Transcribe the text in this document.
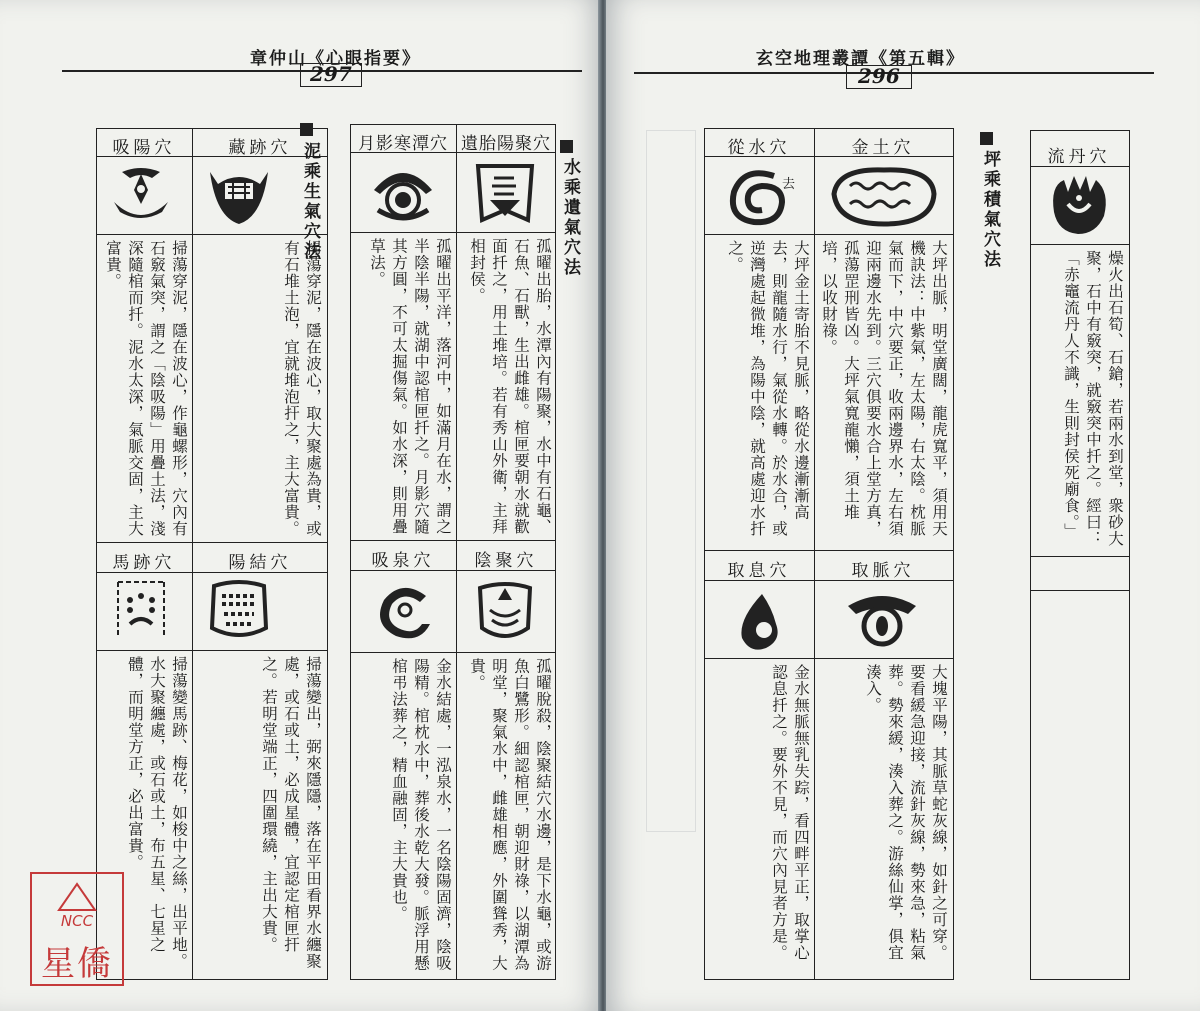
章仲山《心眼指要》
297
穴跡藏
穴陽吸
穴結陽
穴跡馬
掃蕩穿泥，隱在波心，取大聚處為貴，或有石堆土泡，宜就堆泡扞之，主大富貴。
掃蕩穿泥，隱在波心，作龜螺形，穴內有石竅氣突，謂之「陰吸陽」用疊土法，淺深隨棺而扦。泥水太深，氣脈交固，主大富貴。
掃蕩變出，弼來隱隱，落在平田看界水纏聚處，或石或土，必成星體，宜認定棺匣扞之。若明堂端正，四圍環繞，主出大貴。
掃蕩變馬跡、梅花，如梭中之絲，出平地。水大聚纏處，或石或土，布五星、七星之體，而明堂方正，必出富貴。
泥乘生氣穴法	穴聚陽胎遺
穴潭寒影月
穴聚陰
穴泉吸
孤曜出胎，水潭內有陽聚，水中有石龜、石魚、石獸，生出雌雄。棺匣要朝水就歡面扦之，用土堆培。若有秀山外衛，主拜相封侯。
孤曜出平洋，落河中，如滿月在水，謂之半陰半陽，就湖中認棺匣扦之。月影穴隨其方圓，不可太掘傷氣。如水深，則用疊草法。
孤曜脫殺，陰聚結穴水邊，是下水龜，或游魚白鷺形。細認棺匣，朝迎財祿，以湖潭為明堂，聚氣水中，雌雄相應，外圍聳秀，大貴。
金水結處，一泓泉水，一名陰陽固濟，陰吸陽精。棺枕水中，葬後水乾大發。脈浮用懸棺弔法葬之，精血融固，主大貴也。
水乘遺氣穴法
NCC
星僑
玄空地理叢譚《第五輯》
296
穴土金
穴水從
穴脈取
穴息取
去
大坪出脈，明堂廣闊，龍虎寬平，須用天機訣法：中紫氣，左太陽，右太陰。枕脈氣而下，中穴要正，收兩邊界水，左右須迎兩邊水先到。三穴俱要水合上堂方真，孤蕩罡刑皆凶。大坪氣寬龍懶，須土堆培，以收財祿。
大坪金土寄胎不見脈，略從水邊漸漸高去，則龍隨水行，氣從水轉。於水合，或逆灣處起微堆，為陽中陰，就高處迎水扦之。
大塊平陽，其脈草蛇灰線，如針之可穿。要看緩急迎接，流針灰線，勢來急，粘氣葬。勢來緩，湊入葬之。游絲仙掌，俱宜湊入。
金水無脈無乳失踪，看四畔平正，取掌心認息扦之。要外不見，而穴內見者方是。
坪乘積氣穴法	穴丹流
燥火出石筍、石鎗，若兩水到堂，衆砂大聚，石中有竅突，就竅突中扦之。經曰：「赤竈流丹人不識，生則封侯死廟食。」
